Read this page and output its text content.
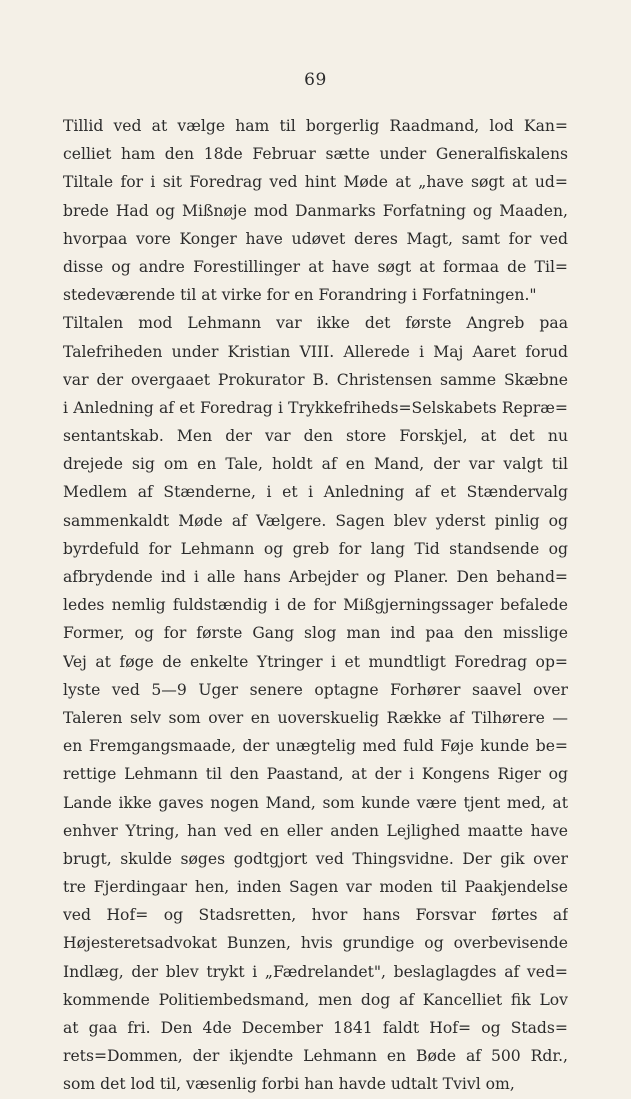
69
Tillid ved at vælge ham til borgerlig Raadmand, lod Kan=
celliet ham den 18de Februar sætte under Generalfiskalens
Tiltale for i sit Foredrag ved hint Møde at „have søgt at ud=
brede Had og Mißnøje mod Danmarks Forfatning og Maaden,
hvorpaa vore Konger have udøvet deres Magt, samt for ved
disse og andre Forestillinger at have søgt at formaa de Til=
stedeværende til at virke for en Forandring i Forfatningen."
Tiltalen mod Lehmann var ikke det første Angreb paa
Talefriheden under Kristian VIII. Allerede i Maj Aaret forud
var der overgaaet Prokurator B. Christensen samme Skæbne
i Anledning af et Foredrag i Trykkefriheds=Selskabets Repræ=
sentantskab. Men der var den store Forskjel, at det nu
drejede sig om en Tale, holdt af en Mand, der var valgt til
Medlem af Stænderne, i et i Anledning af et Stændervalg
sammenkaldt Møde af Vælgere. Sagen blev yderst pinlig og
byrdefuld for Lehmann og greb for lang Tid standsende og
afbrydende ind i alle hans Arbejder og Planer. Den behand=
ledes nemlig fuldstændig i de for Mißgjerningssager befalede
Former, og for første Gang slog man ind paa den misslige
Vej at føge de enkelte Ytringer i et mundtligt Foredrag op=
lyste ved 5—9 Uger senere optagne Forhører saavel over
Taleren selv som over en uoverskuelig Række af Tilhørere —
en Fremgangsmaade, der unægtelig med fuld Føje kunde be=
rettige Lehmann til den Paastand, at der i Kongens Riger og
Lande ikke gaves nogen Mand, som kunde være tjent med, at
enhver Ytring, han ved en eller anden Lejlighed maatte have
brugt, skulde søges godtgjort ved Thingsvidne. Der gik over
tre Fjerdingaar hen, inden Sagen var moden til Paakjendelse
ved Hof= og Stadsretten, hvor hans Forsvar førtes af
Højesteretsadvokat Bunzen, hvis grundige og overbevisende
Indlæg, der blev trykt i „Fædrelandet", beslaglagdes af ved=
kommende Politiembedsmand, men dog af Kancelliet fik Lov
at gaa fri. Den 4de December 1841 faldt Hof= og Stads=
rets=Dommen, der ikjendte Lehmann en Bøde af 500 Rdr.,
som det lod til, væsenlig forbi han havde udtalt Tvivl om,
